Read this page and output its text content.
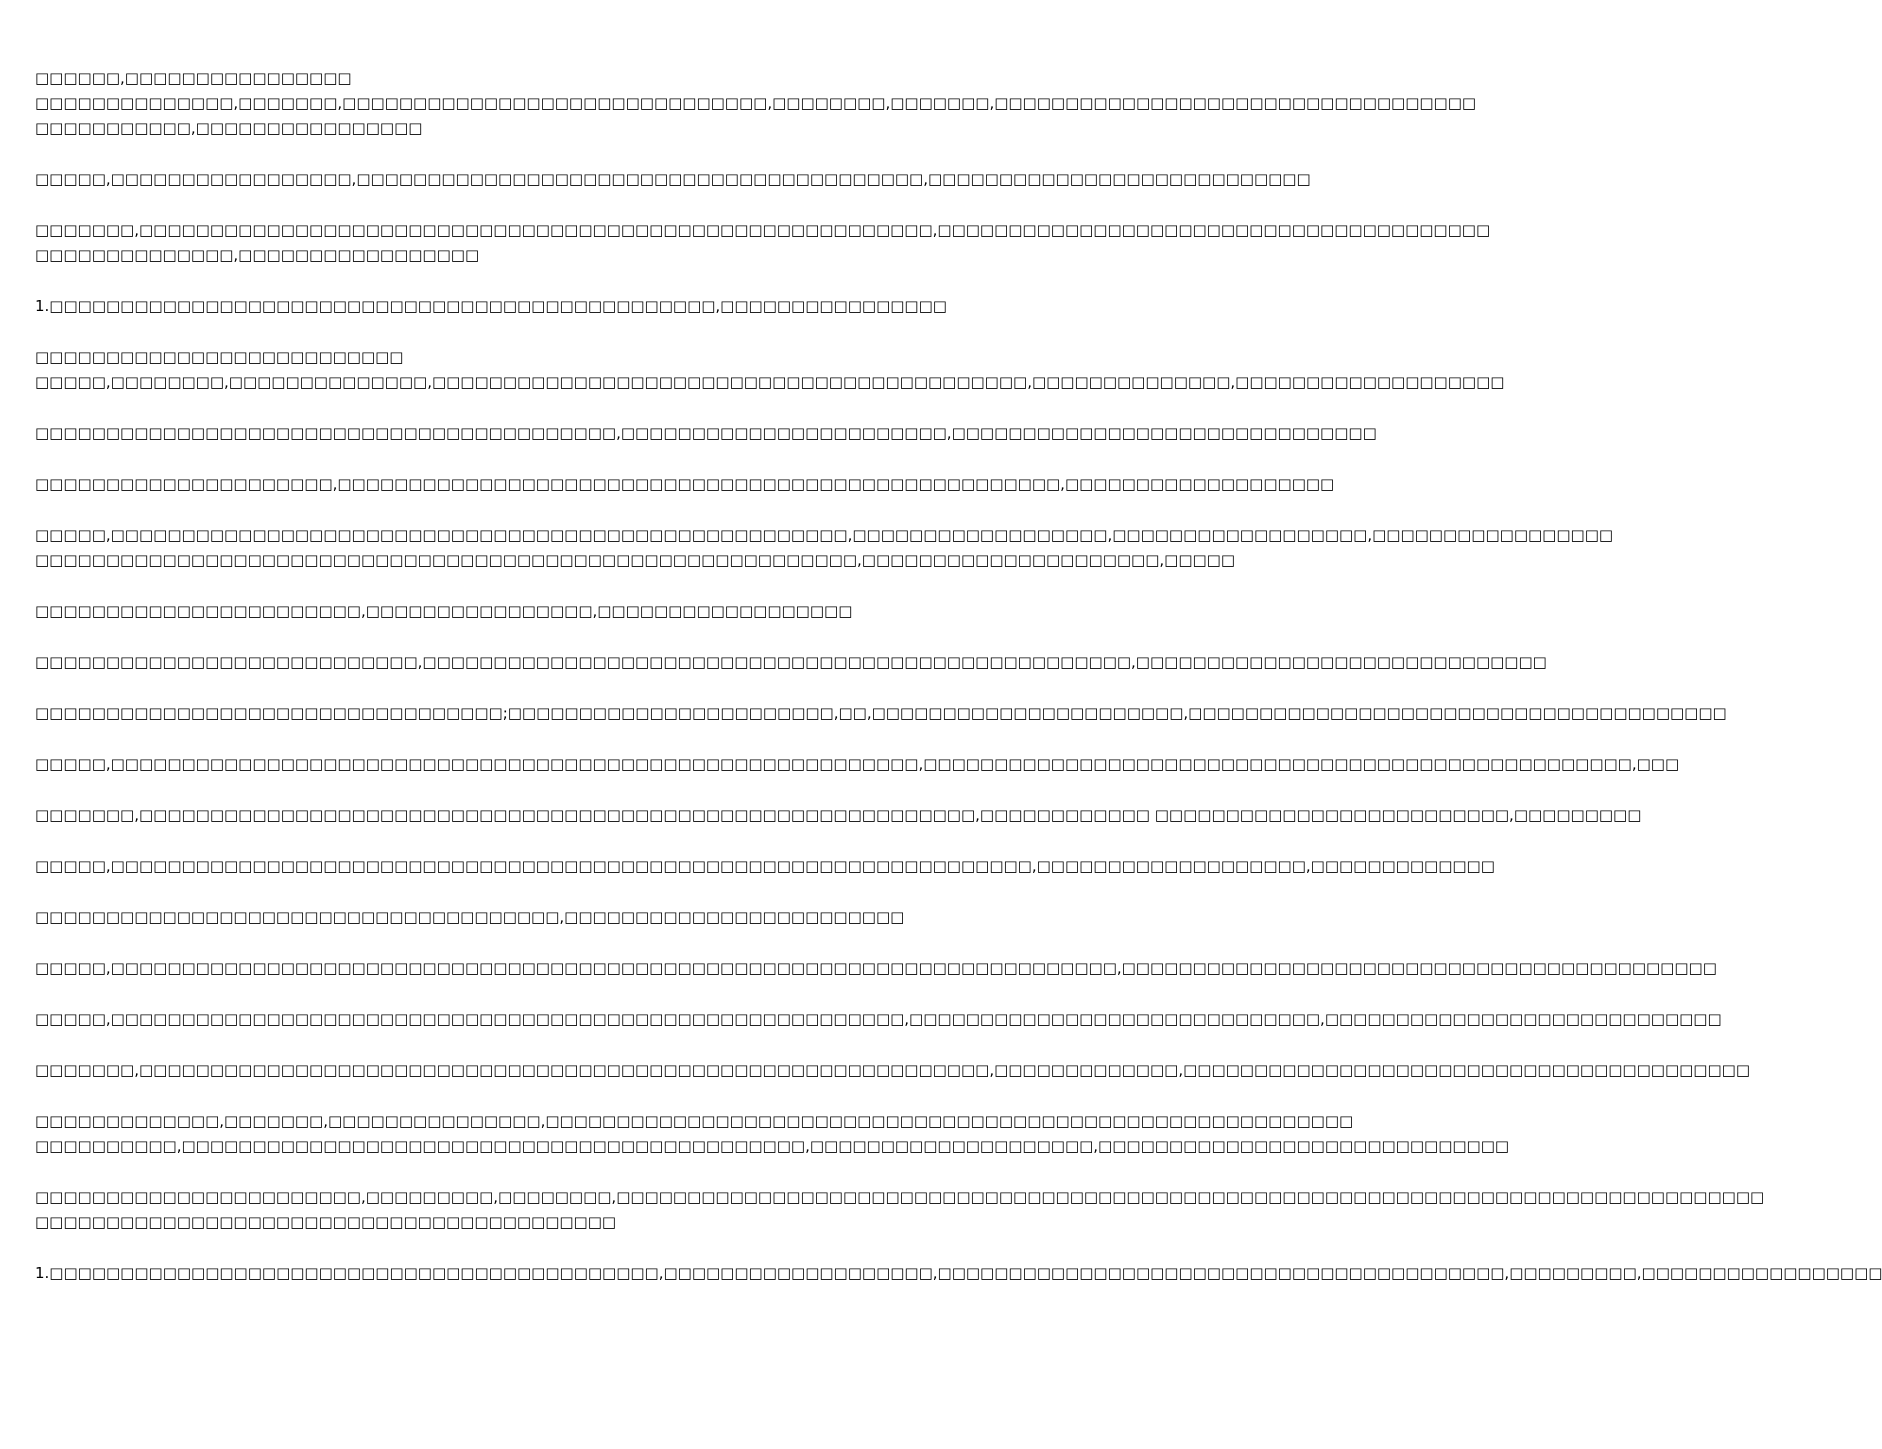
□□□□□□,□□□□□□□□□□□□□□□□
□□□□□□□□□□□□□□,□□□□□□□,□□□□□□□□□□□□□□□□□□□□□□□□□□□□□□,□□□□□□□□,□□□□□□□,□□□□□□□□□□□□□□□□□□□□□□□□□□□□□□□□□□
□□□□□□□□□□□,□□□□□□□□□□□□□□□□
□□□□□,□□□□□□□□□□□□□□□□□,□□□□□□□□□□□□□□□□□□□□□□□□□□□□□□□□□□□□□□□□,□□□□□□□□□□□□□□□□□□□□□□□□□□□
□□□□□□□,□□□□□□□□□□□□□□□□□□□□□□□□□□□□□□□□□□□□□□□□□□□□□□□□□□□□□□□□,□□□□□□□□□□□□□□□□□□□□□□□□□□□□□□□□□□□□□□□
□□□□□□□□□□□□□□,□□□□□□□□□□□□□□□□□
1.□□□□□□□□□□□□□□□□□□□□□□□□□□□□□□□□□□□□□□□□□□□□□□□,□□□□□□□□□□□□□□□□
□□□□□□□□□□□□□□□□□□□□□□□□□□
□□□□□,□□□□□□□□,□□□□□□□□□□□□□□,□□□□□□□□□□□□□□□□□□□□□□□□□□□□□□□□□□□□□□□□□□,□□□□□□□□□□□□□□,□□□□□□□□□□□□□□□□□□□
□□□□□□□□□□□□□□□□□□□□□□□□□□□□□□□□□□□□□□□□□,□□□□□□□□□□□□□□□□□□□□□□□,□□□□□□□□□□□□□□□□□□□□□□□□□□□□□□
□□□□□□□□□□□□□□□□□□□□□,□□□□□□□□□□□□□□□□□□□□□□□□□□□□□□□□□□□□□□□□□□□□□□□□□□□,□□□□□□□□□□□□□□□□□□□
□□□□□,□□□□□□□□□□□□□□□□□□□□□□□□□□□□□□□□□□□□□□□□□□□□□□□□□□□□,□□□□□□□□□□□□□□□□□□,□□□□□□□□□□□□□□□□□□,□□□□□□□□□□□□□□□□□
□□□□□□□□□□□□□□□□□□□□□□□□□□□□□□□□□□□□□□□□□□□□□□□□□□□□□□□□□□,□□□□□□□□□□□□□□□□□□□□□,□□□□□
□□□□□□□□□□□□□□□□□□□□□□□,□□□□□□□□□□□□□□□□,□□□□□□□□□□□□□□□□□□
□□□□□□□□□□□□□□□□□□□□□□□□□□□,□□□□□□□□□□□□□□□□□□□□□□□□□□□□□□□□□□□□□□□□□□□□□□□□□□,□□□□□□□□□□□□□□□□□□□□□□□□□□□□□
□□□□□□□□□□□□□□□□□□□□□□□□□□□□□□□□□;□□□□□□□□□□□□□□□□□□□□□□□,□□,□□□□□□□□□□□□□□□□□□□□□□,□□□□□□□□□□□□□□□□□□□□□□□□□□□□□□□□□□□□□□
□□□□□,□□□□□□□□□□□□□□□□□□□□□□□□□□□□□□□□□□□□□□□□□□□□□□□□□□□□□□□□□,□□□□□□□□□□□□□□□□□□□□□□□□□□□□□□□□□□□□□□□□□□□□□□□□□□,□□□
□□□□□□□,□□□□□□□□□□□□□□□□□□□□□□□□□□□□□□□□□□□□□□□□□□□□□□□□□□□□□□□□□□□,□□□□□□□□□□□□ □□□□□□□□□□□□□□□□□□□□□□□□□,□□□□□□□□□
□□□□□,□□□□□□□□□□□□□□□□□□□□□□□□□□□□□□□□□□□□□□□□□□□□□□□□□□□□□□□□□□□□□□□□□,□□□□□□□□□□□□□□□□□□□,□□□□□□□□□□□□□
□□□□□□□□□□□□□□□□□□□□□□□□□□□□□□□□□□□□□,□□□□□□□□□□□□□□□□□□□□□□□□
□□□□□,□□□□□□□□□□□□□□□□□□□□□□□□□□□□□□□□□□□□□□□□□□□□□□□□□□□□□□□□□□□□□□□□□□□□□□□,□□□□□□□□□□□□□□□□□□□□□□□□□□□□□□□□□□□□□□□□□□
□□□□□,□□□□□□□□□□□□□□□□□□□□□□□□□□□□□□□□□□□□□□□□□□□□□□□□□□□□□□□□,□□□□□□□□□□□□□□□□□□□□□□□□□□□□□,□□□□□□□□□□□□□□□□□□□□□□□□□□□□
□□□□□□□,□□□□□□□□□□□□□□□□□□□□□□□□□□□□□□□□□□□□□□□□□□□□□□□□□□□□□□□□□□□□,□□□□□□□□□□□□□,□□□□□□□□□□□□□□□□□□□□□□□□□□□□□□□□□□□□□□□□
□□□□□□□□□□□□□,□□□□□□□,□□□□□□□□□□□□□□□,□□□□□□□□□□□□□□□□□□□□□□□□□□□□□□□□□□□□□□□□□□□□□□□□□□□□□□□□□
□□□□□□□□□□,□□□□□□□□□□□□□□□□□□□□□□□□□□□□□□□□□□□□□□□□□□□□,□□□□□□□□□□□□□□□□□□□□,□□□□□□□□□□□□□□□□□□□□□□□□□□□□□
□□□□□□□□□□□□□□□□□□□□□□□,□□□□□□□□□,□□□□□□□□,□□□□□□□□□□□□□□□□□□□□□□□□□□□□□□□□□□□□□□□□□□□□□□□□□□□□□□□□□□□□□□□□□□□□□□□□□□□□□□□□□
□□□□□□□□□□□□□□□□□□□□□□□□□□□□□□□□□□□□□□□□□
1.□□□□□□□□□□□□□□□□□□□□□□□□□□□□□□□□□□□□□□□□□□□,□□□□□□□□□□□□□□□□□□□,□□□□□□□□□□□□□□□□□□□□□□□□□□□□□□□□□□□□□□□□,□□□□□□□□□,□□□□□□□□□□□□□□□□□
